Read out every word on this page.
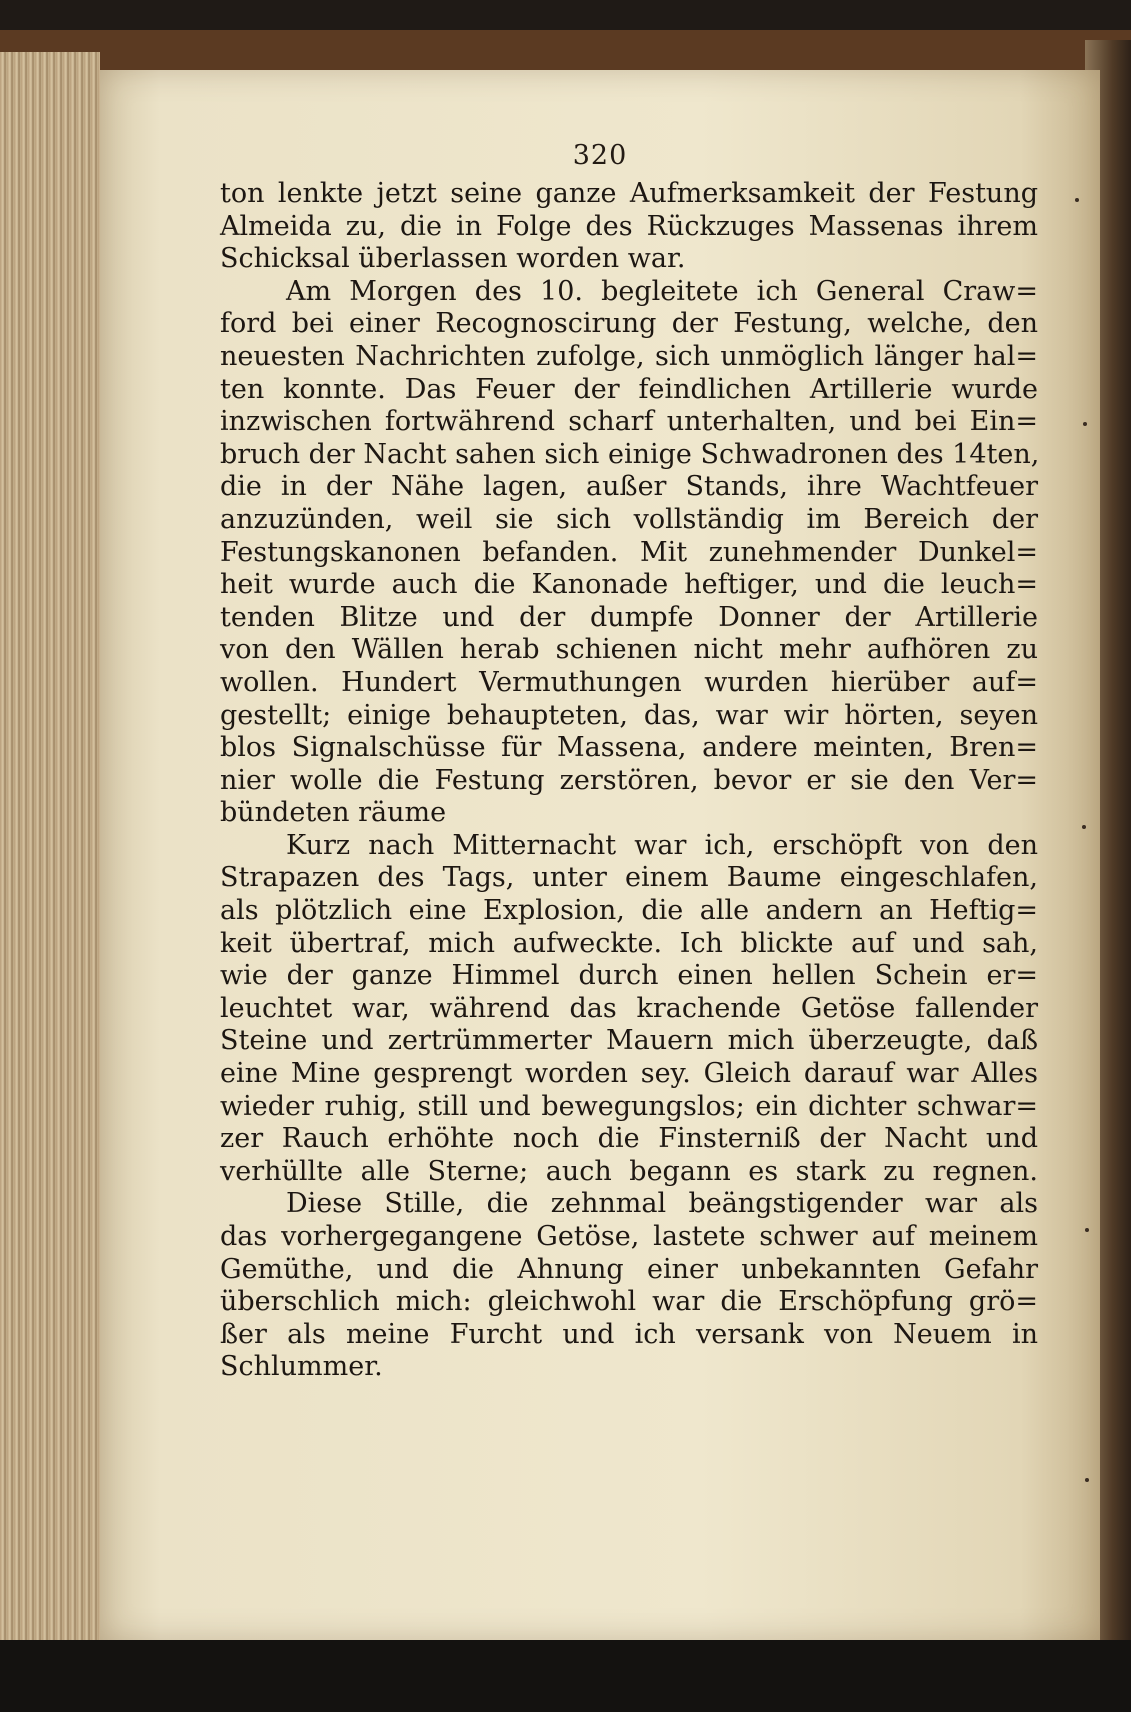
320
ton lenkte jetzt seine ganze Aufmerksamkeit der Festung
Almeida zu, die in Folge des Rückzuges Massenas ihrem
Schicksal überlassen worden war.
Am Morgen des 10. begleitete ich General Craw=
ford bei einer Recognoscirung der Festung, welche, den
neuesten Nachrichten zufolge, sich unmöglich länger hal=
ten konnte. Das Feuer der feindlichen Artillerie wurde
inzwischen fortwährend scharf unterhalten, und bei Ein=
bruch der Nacht sahen sich einige Schwadronen des 14ten,
die in der Nähe lagen, außer Stands, ihre Wachtfeuer
anzuzünden, weil sie sich vollständig im Bereich der
Festungskanonen befanden. Mit zunehmender Dunkel=
heit wurde auch die Kanonade heftiger, und die leuch=
tenden Blitze und der dumpfe Donner der Artillerie
von den Wällen herab schienen nicht mehr aufhören zu
wollen. Hundert Vermuthungen wurden hierüber auf=
gestellt; einige behaupteten, das, war wir hörten, seyen
blos Signalschüsse für Massena, andere meinten, Bren=
nier wolle die Festung zerstören, bevor er sie den Ver=
bündeten räume
Kurz nach Mitternacht war ich, erschöpft von den
Strapazen des Tags, unter einem Baume eingeschlafen,
als plötzlich eine Explosion, die alle andern an Heftig=
keit übertraf, mich aufweckte. Ich blickte auf und sah,
wie der ganze Himmel durch einen hellen Schein er=
leuchtet war, während das krachende Getöse fallender
Steine und zertrümmerter Mauern mich überzeugte, daß
eine Mine gesprengt worden sey. Gleich darauf war Alles
wieder ruhig, still und bewegungslos; ein dichter schwar=
zer Rauch erhöhte noch die Finsterniß der Nacht und
verhüllte alle Sterne; auch begann es stark zu regnen.
Diese Stille, die zehnmal beängstigender war als
das vorhergegangene Getöse, lastete schwer auf meinem
Gemüthe, und die Ahnung einer unbekannten Gefahr
überschlich mich: gleichwohl war die Erschöpfung grö=
ßer als meine Furcht und ich versank von Neuem in
Schlummer.
